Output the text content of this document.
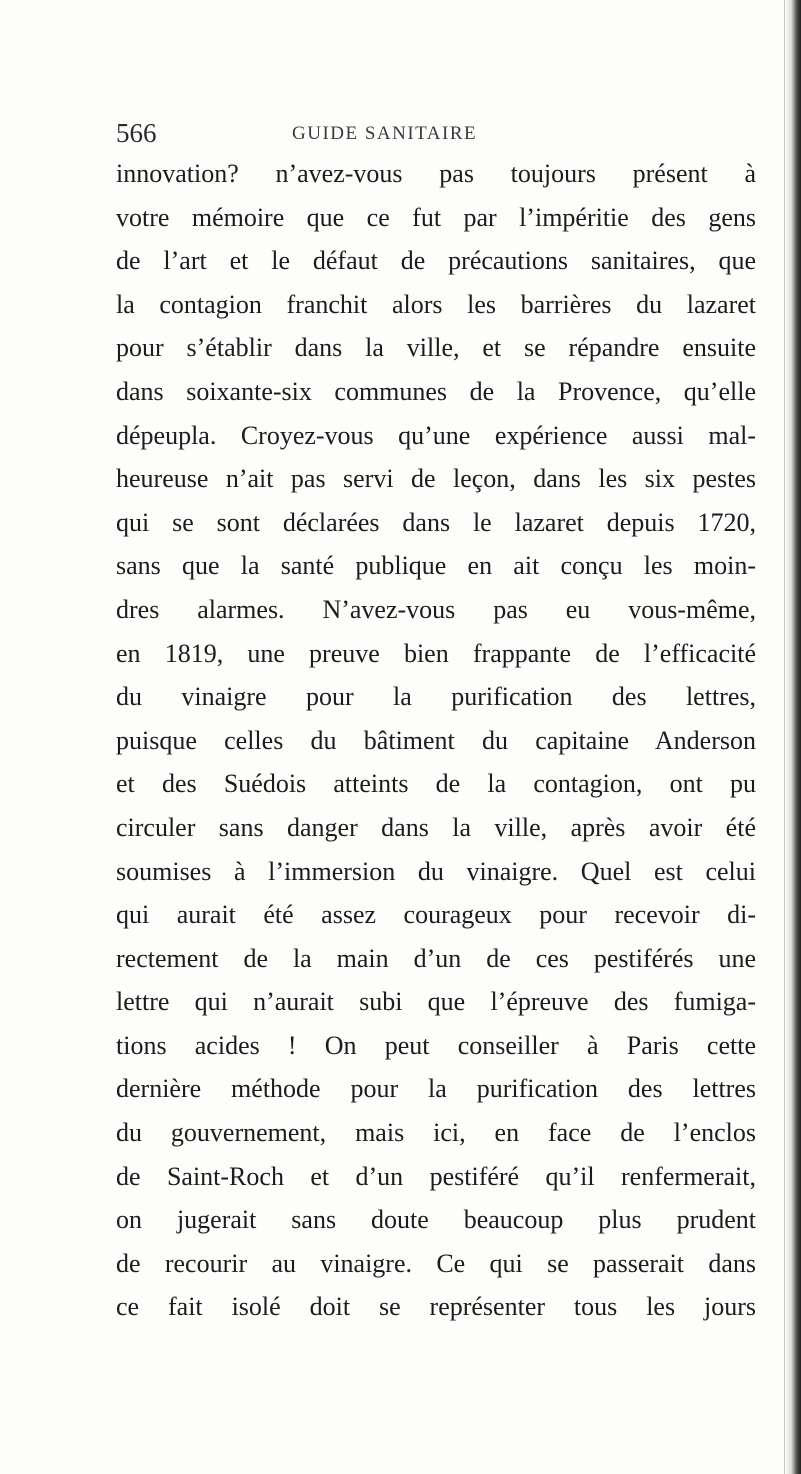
566	GUIDE SANITAIRE
innovation? n’avez-vous pas toujours présent à
votre mémoire que ce fut par l’impéritie des gens
de l’art et le défaut de précautions sanitaires, que
la contagion franchit alors les barrières du lazaret
pour s’établir dans la ville, et se répandre ensuite
dans soixante-six communes de la Provence, qu’elle
dépeupla. Croyez-vous qu’une expérience aussi mal-
heureuse n’ait pas servi de leçon, dans les six pestes
qui se sont déclarées dans le lazaret depuis 1720,
sans que la santé publique en ait conçu les moin-
dres alarmes. N’avez-vous pas eu vous-même,
en 1819, une preuve bien frappante de l’efficacité
du vinaigre pour la purification des lettres,
puisque celles du bâtiment du capitaine Anderson
et des Suédois atteints de la contagion, ont pu
circuler sans danger dans la ville, après avoir été
soumises à l’immersion du vinaigre. Quel est celui
qui aurait été assez courageux pour recevoir di-
rectement de la main d’un de ces pestiférés une
lettre qui n’aurait subi que l’épreuve des fumiga-
tions acides ! On peut conseiller à Paris cette
dernière méthode pour la purification des lettres
du gouvernement, mais ici, en face de l’enclos
de Saint-Roch et d’un pestiféré qu’il renfermerait,
on jugerait sans doute beaucoup plus prudent
de recourir au vinaigre. Ce qui se passerait dans
ce fait isolé doit se représenter tous les jours
